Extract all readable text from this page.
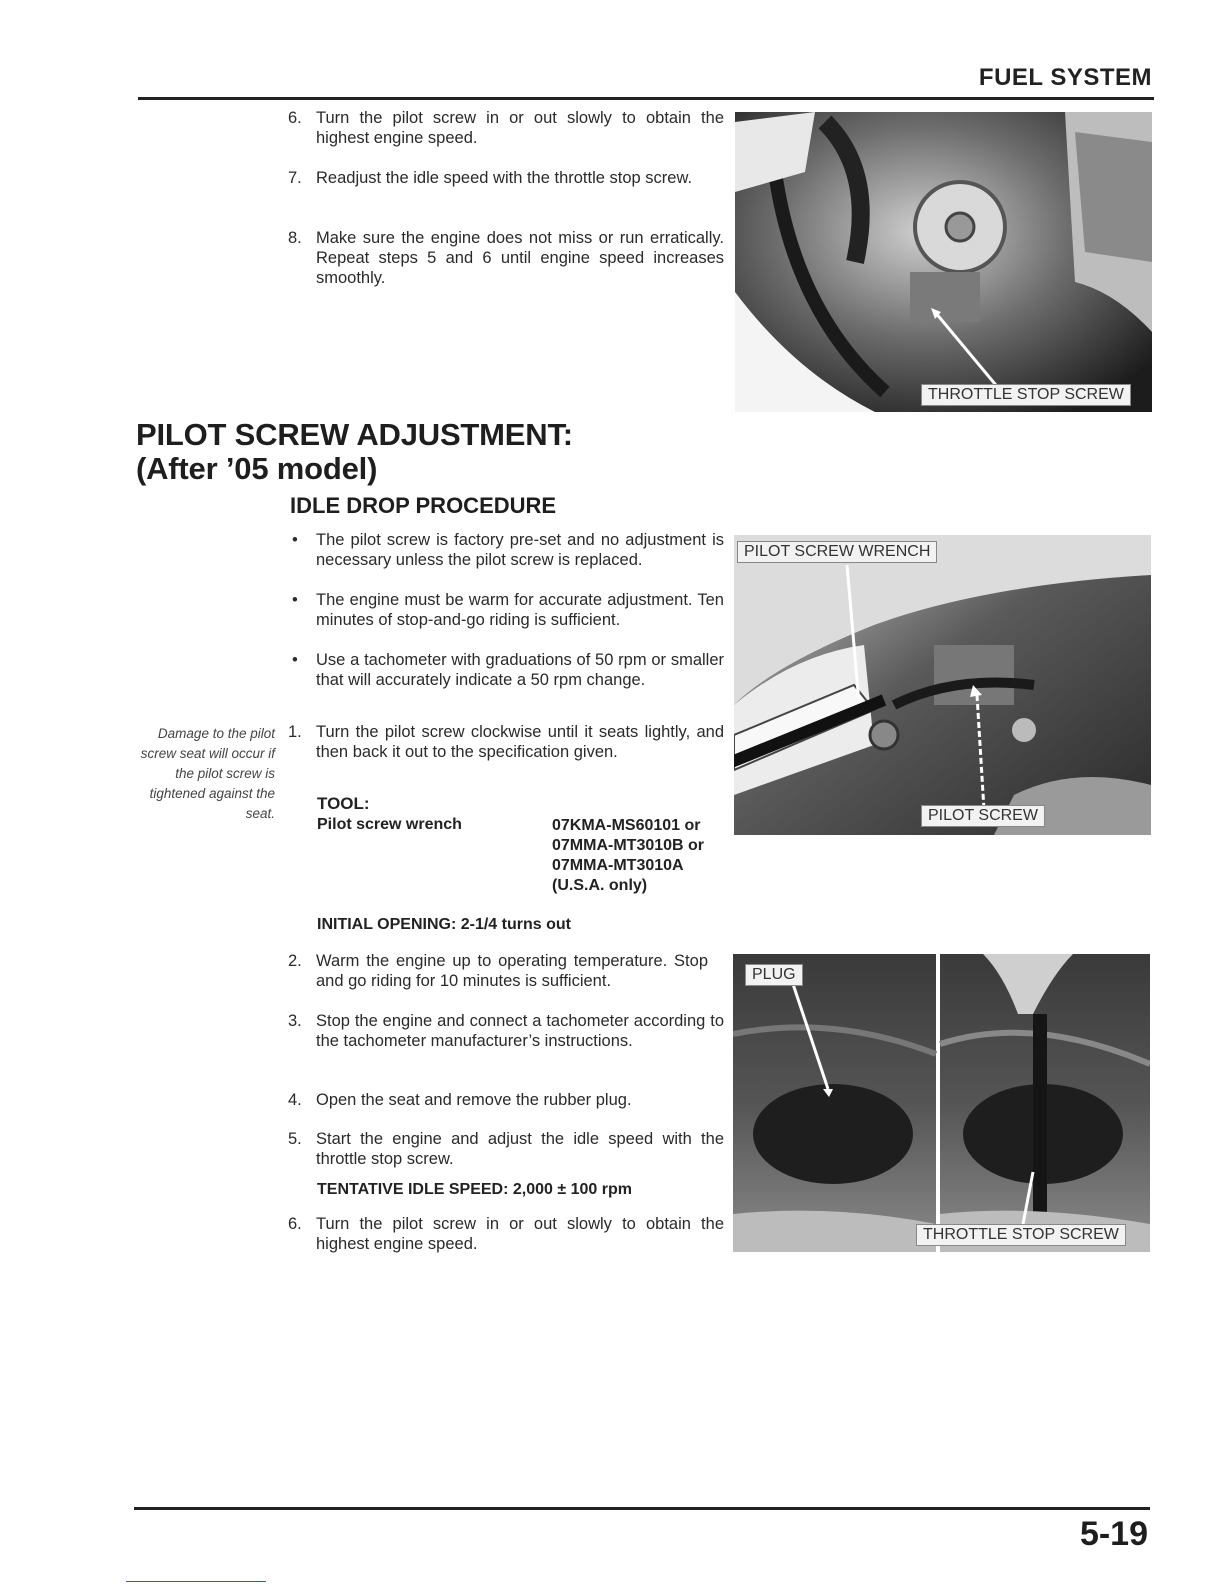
FUEL SYSTEM
6. Turn the pilot screw in or out slowly to obtain the highest engine speed.
7. Readjust the idle speed with the throttle stop screw.
8. Make sure the engine does not miss or run erratically. Repeat steps 5 and 6 until engine speed increases smoothly.
THROTTLE STOP SCREW
PILOT SCREW ADJUSTMENT:
(After ’05 model)
IDLE DROP PROCEDURE
• The pilot screw is factory pre-set and no adjustment is necessary unless the pilot screw is replaced.
• The engine must be warm for accurate adjustment. Ten minutes of stop-and-go riding is sufficient.
• Use a tachometer with graduations of 50 rpm or smaller that will accurately indicate a 50 rpm change.
Damage to the pilot screw seat will occur if the pilot screw is tightened against the seat.
1. Turn the pilot screw clockwise until it seats lightly, and then back it out to the specification given.
TOOL:
Pilot screw wrench	07KMA-MS60101 or
07MMA-MT3010B or
07MMA-MT3010A
(U.S.A. only)
INITIAL OPENING: 2-1/4 turns out
2. Warm the engine up to operating temperature. Stop and go riding for 10 minutes is sufficient.
3. Stop the engine and connect a tachometer according to the tachometer manufacturer’s instructions.
4. Open the seat and remove the rubber plug.
5. Start the engine and adjust the idle speed with the throttle stop screw.
TENTATIVE IDLE SPEED: 2,000 ± 100 rpm
6. Turn the pilot screw in or out slowly to obtain the highest engine speed.
PILOT SCREW WRENCH
PILOT SCREW
PLUG
THROTTLE STOP SCREW
5-19
